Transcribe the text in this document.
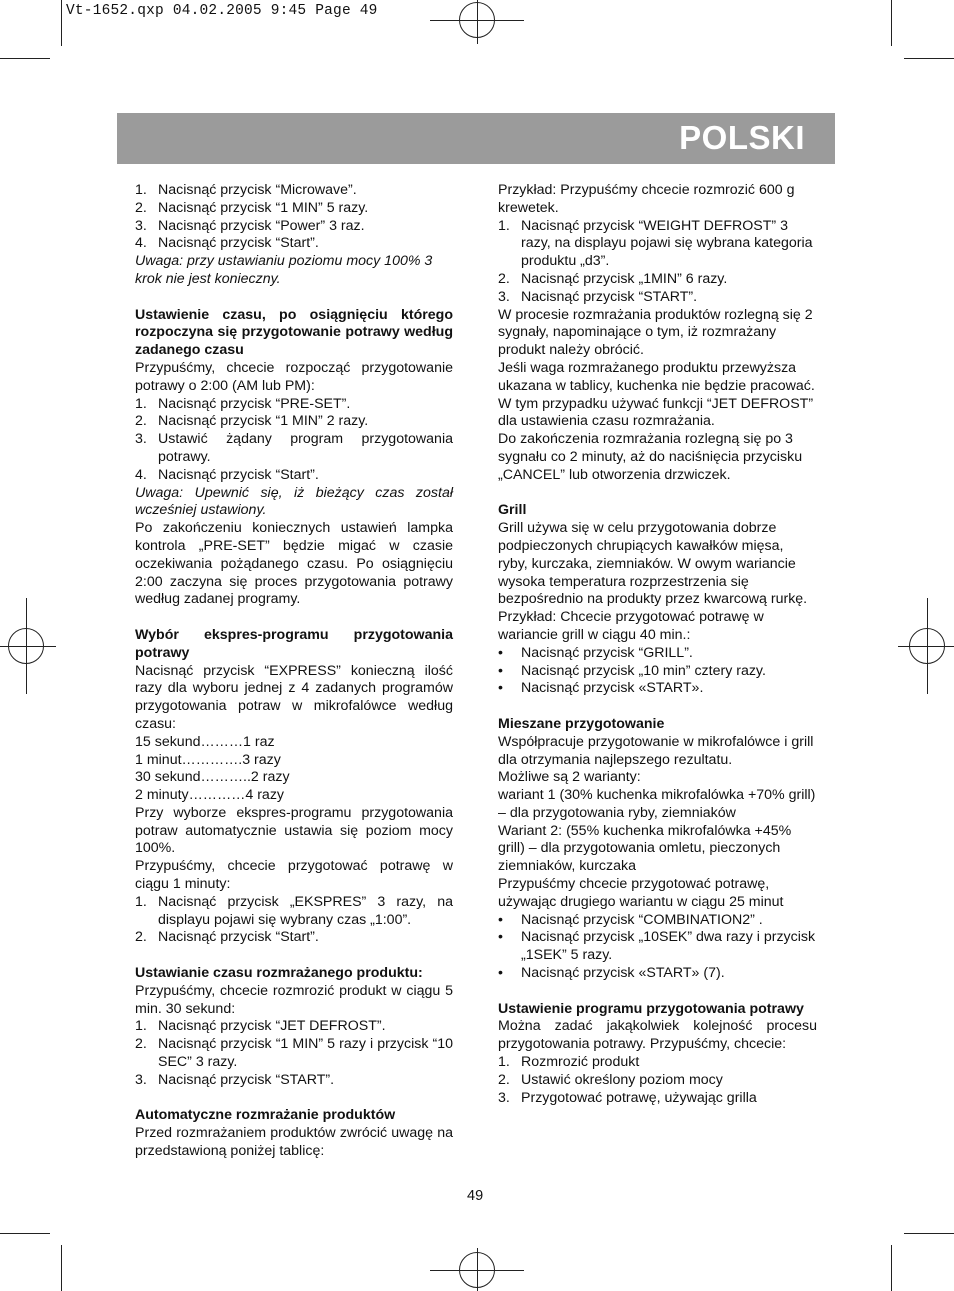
Vt-1652.qxp 04.02.2005 9:45 Page 49
POLSKI
1. Nacisnąć przycisk “Microwave”.
2. Nacisnąć przycisk “1 MIN” 5 razy.
3. Nacisnąć przycisk “Power” 3 raz.
4. Nacisnąć przycisk “Start”.

Uwaga: przy ustawianiu poziomu mocy 100% 3 krok nie jest konieczny.

Ustawienie czasu, po osiągnięciu którego rozpoczyna się przygotowanie potrawy według zadanego czasu

Przypuśćmy, chcecie rozpocząć przygotowanie potrawy o 2:00 (AM lub PM):

1. Nacisnąć przycisk “PRE-SET”.
2. Nacisnąć przycisk “1 MIN” 2 razy.
3. Ustawić żądany program przygotowania potrawy.
4. Nacisnąć przycisk “Start”.

Uwaga: Upewnić się, iż bieżący czas został wcześniej ustawiony.

Po zakończeniu koniecznych ustawień lampka kontrola „PRE-SET” będzie migać w czasie oczekiwania pożądanego czasu. Po osiągnięciu 2:00 zaczyna się proces przygotowania potrawy według zadanej programy.

Wybór ekspres-programu przygotowania potrawy

Nacisnąć przycisk “EXPRESS” konieczną ilość razy dla wyboru jednej z 4 zadanych programów przygotowania potraw w mikrofalówce według czasu:

15 sekund………1 raz

1 minut………….3 razy

30 sekund………..2 razy

2 minuty…………4 razy

Przy wyborze ekspres-programu przygotowania potraw automatycznie ustawia się poziom mocy 100%.

Przypuśćmy, chcecie przygotować potrawę w ciągu 1 minuty:

1. Nacisnąć przycisk „EKSPRES” 3 razy, na displayu pojawi się wybrany czas „1:00”.
2. Nacisnąć przycisk “Start”.

Ustawianie czasu rozmrażanego produktu:

Przypuśćmy, chcecie rozmrozić produkt w ciągu 5 min. 30 sekund:

1. Nacisnąć przycisk “JET DEFROST”.
2. Nacisnąć przycisk “1 MIN” 5 razy i przycisk “10 SEC” 3 razy.
3. Nacisnąć przycisk “START”.

Automatyczne rozmrażanie produktów

Przed rozmrażaniem produktów zwrócić uwagę na przedstawioną poniżej tablicę:

Przykład: Przypuśćmy chcecie rozmrozić 600 g krewetek.

1. Nacisnąć przycisk “WEIGHT DEFROST” 3 razy, na displayu pojawi się wybrana kategoria produktu „d3”.
2. Nacisnąć przycisk „1MIN” 6 razy.
3. Nacisnąć przycisk “START”.

W procesie rozmrażania produktów rozlegną się 2 sygnały, napominające o tym, iż rozmrażany produkt należy obrócić.

Jeśli waga rozmrażanego produktu przewyższa ukazana w tablicy, kuchenka nie będzie pracować. W tym przypadku używać funkcji “JET DEFROST” dla ustawienia czasu rozmrażania.

Do zakończenia rozmrażania rozlegną się po 3 sygnału co 2 minuty, aż do naciśnięcia przycisku „CANCEL” lub otworzenia drzwiczek.

Grill

Grill używa się w celu przygotowania dobrze podpieczonych chrupiących kawałków mięsa, ryby, kurczaka, ziemniaków. W owym wariancie wysoka temperatura rozprzestrzenia się bezpośrednio na produkty przez kwarcową rurkę.

Przykład: Chcecie przygotować potrawę w wariancie grill w ciągu 40 min.:

• Nacisnąć przycisk “GRILL”.
• Nacisnąć przycisk „10 min” cztery razy.
• Nacisnąć przycisk «START».

Mieszane przygotowanie

Współpracuje przygotowanie w mikrofalówce i grill dla otrzymania najlepszego rezultatu.

Możliwe są 2 warianty:

wariant 1 (30% kuchenka mikrofalówka +70% grill) – dla przygotowania ryby, ziemniaków

Wariant 2: (55% kuchenka mikrofalówka +45% grill) – dla przygotowania omletu, pieczonych ziemniaków, kurczaka

Przypuśćmy chcecie przygotować potrawę, używając drugiego wariantu w ciągu 25 minut

• Nacisnąć przycisk “COMBINATION2” .
• Nacisnąć przycisk „10SEK” dwa razy i przycisk „1SEK” 5 razy.
• Nacisnąć przycisk «START» (7).

Ustawienie programu przygotowania potrawy

Można zadać jakąkolwiek kolejność procesu przygotowania potrawy. Przypuśćmy, chcecie:

1. Rozmrozić produkt
2. Ustawić określony poziom mocy
3. Przygotować potrawę, używając grilla
49
